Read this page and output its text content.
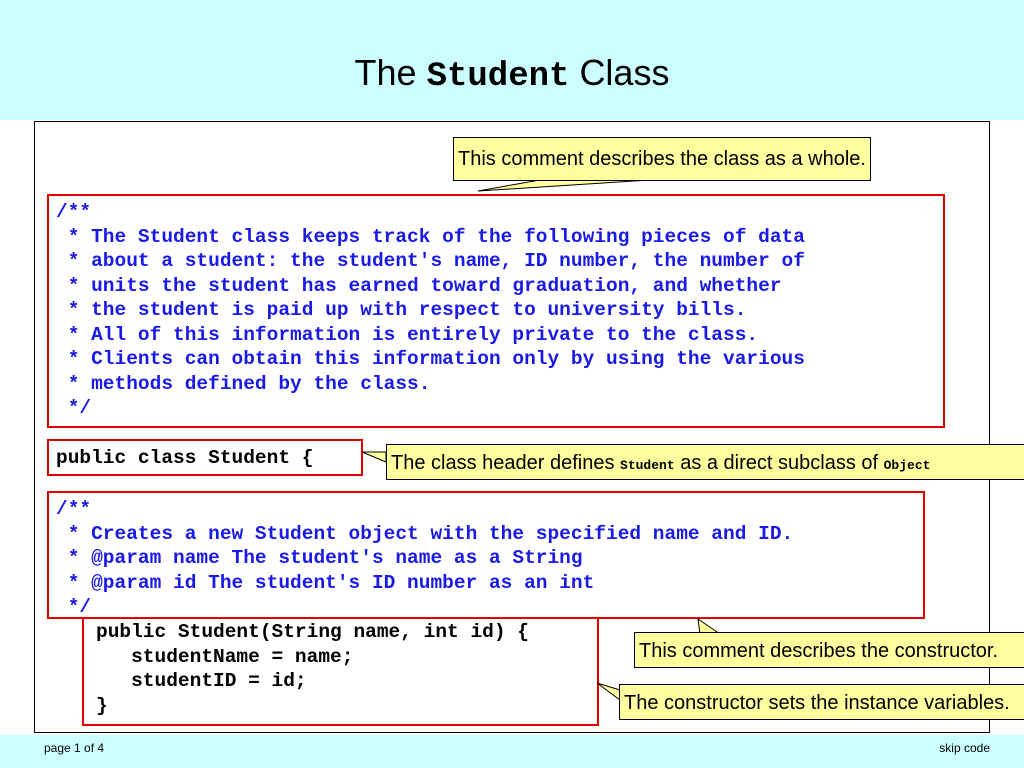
The Student Class
/**
* The Student class keeps track of the following pieces of data
* about a student: the student's name, ID number, the number of
* units the student has earned toward graduation, and whether
* the student is paid up with respect to university bills.
* All of this information is entirely private to the class.
* Clients can obtain this information only by using the various
* methods defined by the class.
*/
public class Student {
public Student(String name, int id) {
studentName = name;
studentID = id;
}
/**
* Creates a new Student object with the specified name and ID.
* @param name The student's name as a String
* @param id The student's ID number as an int
*/
This comment describes the class as a whole.
The class header defines Student as a direct subclass of Object
This comment describes the constructor.
The constructor sets the instance variables.
page 1 of 4	skip code
